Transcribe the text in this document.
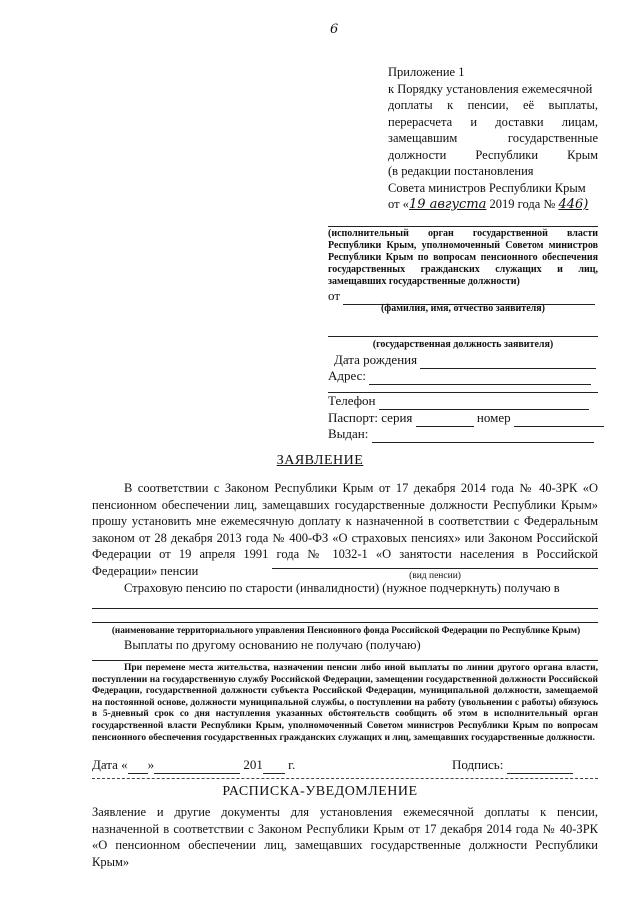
6
Приложение 1
к Порядку установления ежемесячной
доплаты к пенсии, её выплаты,
перерасчета и доставки лицам,
замещавшим государственные
должности Республики Крым
(в редакции постановления
Совета министров Республики Крым
от «19 августа 2019 года № 446)
(исполнительный орган государственной власти Республики Крым, уполномоченный Советом министров Республики Крым по вопросам пенсионного обеспечения государственных гражданских служащих и лиц, замещавших государственные должности)
от
(фамилия, имя, отчество заявителя)
(государственная должность заявителя)
Дата рождения
Адрес:
Телефон
Паспорт: серия	номер
Выдан:
ЗАЯВЛЕНИЕ
В соответствии с Законом Республики Крым от 17 декабря 2014 года № 40-ЗРК «О пенсионном обеспечении лиц, замещавших государственные должности Республики Крым» прошу установить мне ежемесячную доплату к назначенной в соответствии с Федеральным законом от 28 декабря 2013 года № 400-ФЗ «О страховых пенсиях» или Законом Российской Федерации от 19 апреля 1991 года № 1032-1 «О занятости населения в Российской Федерации» пенсии	(вид пенсии)
Страховую пенсию по старости (инвалидности) (нужное подчеркнуть) получаю в
(наименование территориального управления Пенсионного фонда Российской Федерации по Республике Крым)
Выплаты по другому основанию не получаю (получаю)
При перемене места жительства, назначении пенсии либо иной выплаты по линии другого органа власти, поступлении на государственную службу Российской Федерации, замещении государственной должности Российской Федерации, государственной должности субъекта Российской Федерации, муниципальной должности, замещаемой на постоянной основе, должности муниципальной службы, о поступлении на работу (увольнении с работы) обязуюсь в 5-дневный срок со дня наступления указанных обстоятельств сообщить об этом в исполнительный орган государственной власти Республики Крым, уполномоченный Советом министров Республики Крым по вопросам пенсионного обеспечения государственных гражданских служащих и лиц, замещавших государственные должности.
Дата « »	201 г.	Подпись:
РАСПИСКА-УВЕДОМЛЕНИЕ
Заявление и другие документы для установления ежемесячной доплаты к пенсии, назначенной в соответствии с Законом Республики Крым от 17 декабря 2014 года № 40-ЗРК «О пенсионном обеспечении лиц, замещавших государственные должности Республики Крым»
